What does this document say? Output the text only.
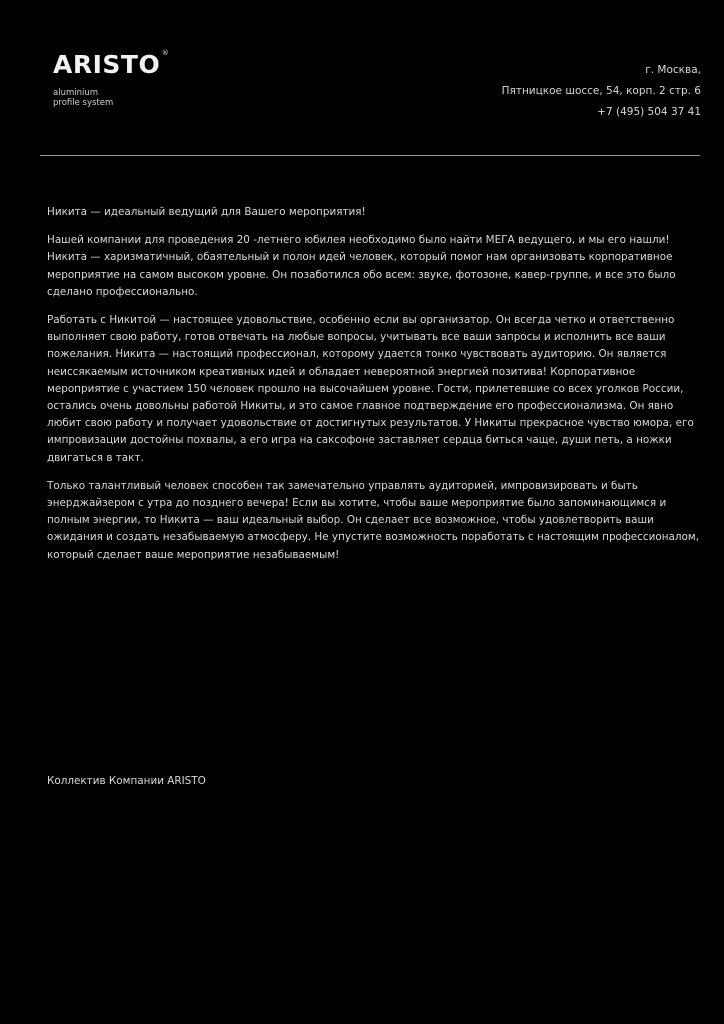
ARISTO ®
aluminium
profile system
г. Москва,
Пятницкое шоссе, 54, корп. 2 стр. 6
+7 (495) 504 37 41

Никита — идеальный ведущий для Вашего мероприятия!

Нашей компании для проведения 20 -летнего юбилея необходимо было найти МЕГА ведущего, и мы его нашли! Никита — харизматичный, обаятельный и полон идей человек, который помог нам организовать корпоративное мероприятие на самом высоком уровне. Он позаботился обо всем: звуке, фотозоне, кавер-группе, и все это было сделано профессионально.

Работать с Никитой — настоящее удовольствие, особенно если вы организатор. Он всегда четко и ответственно выполняет свою работу, готов отвечать на любые вопросы, учитывать все ваши запросы и исполнить все ваши пожелания. Никита — настоящий профессионал, которому удается тонко чувствовать аудиторию. Он является неиссякаемым источником креативных идей и обладает невероятной энергией позитива! Корпоративное мероприятие с участием 150 человек прошло на высочайшем уровне. Гости, прилетевшие со всех уголков России, остались очень довольны работой Никиты, и это самое главное подтверждение его профессионализма. Он явно любит свою работу и получает удовольствие от достигнутых результатов. У Никиты прекрасное чувство юмора, его импровизации достойны похвалы, а его игра на саксофоне заставляет сердца биться чаще, души петь, а ножки двигаться в такт.

Только талантливый человек способен так замечательно управлять аудиторией, импровизировать и быть энерджайзером с утра до позднего вечера! Если вы хотите, чтобы ваше мероприятие было запоминающимся и полным энергии, то Никита — ваш идеальный выбор. Он сделает все возможное, чтобы удовлетворить ваши ожидания и создать незабываемую атмосферу. Не упустите возможность поработать с настоящим профессионалом, который сделает ваше мероприятие незабываемым!

Коллектив Компании ARISTO
